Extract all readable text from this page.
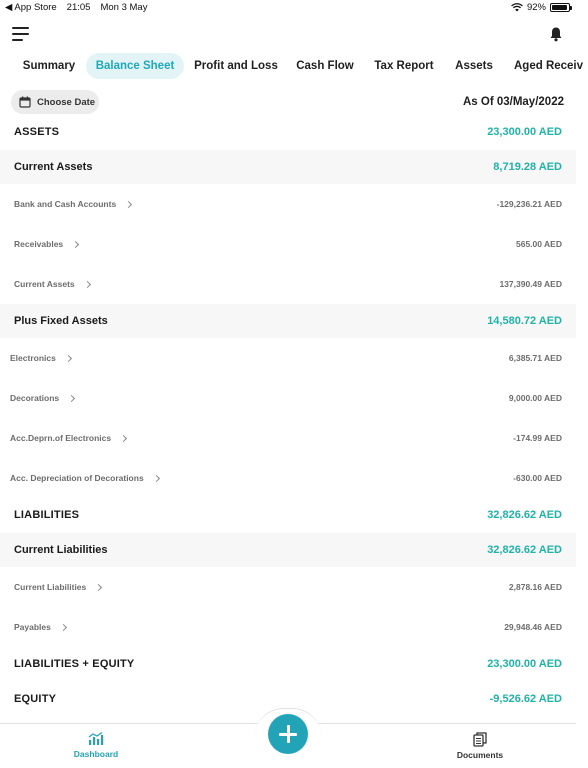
◀ App Store 21:05 Mon 3 May	92%
Summary	Balance Sheet	Profit and Loss	Cash Flow	Tax Report	Assets	Aged Receiv
Choose Date	As Of 03/May/2022
ASSETS	23,300.00 AED
Current Assets	8,719.28 AED
Bank and Cash Accounts	-129,236.21 AED
Receivables	565.00 AED
Current Assets	137,390.49 AED
Plus Fixed Assets	14,580.72 AED
Electronics	6,385.71 AED
Decorations	9,000.00 AED
Acc.Deprn.of Electronics	-174.99 AED
Acc. Depreciation of Decorations	-630.00 AED
LIABILITIES	32,826.62 AED
Current Liabilities	32,826.62 AED
Current Liabilities	2,878.16 AED
Payables	29,948.46 AED
LIABILITIES + EQUITY	23,300.00 AED
EQUITY	-9,526.62 AED
Dashboard	Documents
